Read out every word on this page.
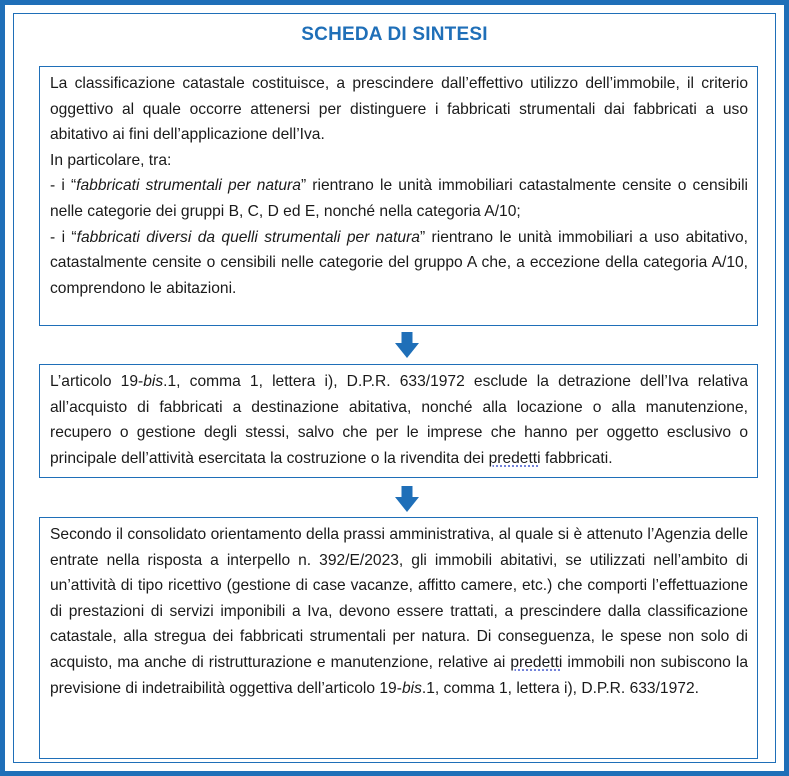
SCHEDA DI SINTESI

La classificazione catastale costituisce, a prescindere dall’effettivo utilizzo dell’immobile, il criterio oggettivo al quale occorre attenersi per distinguere i fabbricati strumentali dai fabbricati a uso abitativo ai fini dell’applicazione dell’Iva.

In particolare, tra:

- i “fabbricati strumentali per natura” rientrano le unità immobiliari catastalmente censite o censibili nelle categorie dei gruppi B, C, D ed E, nonché nella categoria A/10;

- i “fabbricati diversi da quelli strumentali per natura” rientrano le unità immobiliari a uso abitativo, catastalmente censite o censibili nelle categorie del gruppo A che, a eccezione della categoria A/10, comprendono le abitazioni.

L’articolo 19-bis.1, comma 1, lettera i), D.P.R. 633/1972 esclude la detrazione dell’Iva relativa all’acquisto di fabbricati a destinazione abitativa, nonché alla locazione o alla manutenzione, recupero o gestione degli stessi, salvo che per le imprese che hanno per oggetto esclusivo o principale dell’attività esercitata la costruzione o la rivendita dei predetti fabbricati.

Secondo il consolidato orientamento della prassi amministrativa, al quale si è attenuto l’Agenzia delle entrate nella risposta a interpello n. 392/E/2023, gli immobili abitativi, se utilizzati nell’ambito di un’attività di tipo ricettivo (gestione di case vacanze, affitto camere, etc.) che comporti l’effettuazione di prestazioni di servizi imponibili a Iva, devono essere trattati, a prescindere dalla classificazione catastale, alla stregua dei fabbricati strumentali per natura. Di conseguenza, le spese non solo di acquisto, ma anche di ristrutturazione e manutenzione, relative ai predetti immobili non subiscono la previsione di indetraibilità oggettiva dell’articolo 19-bis.1, comma 1, lettera i), D.P.R. 633/1972.
